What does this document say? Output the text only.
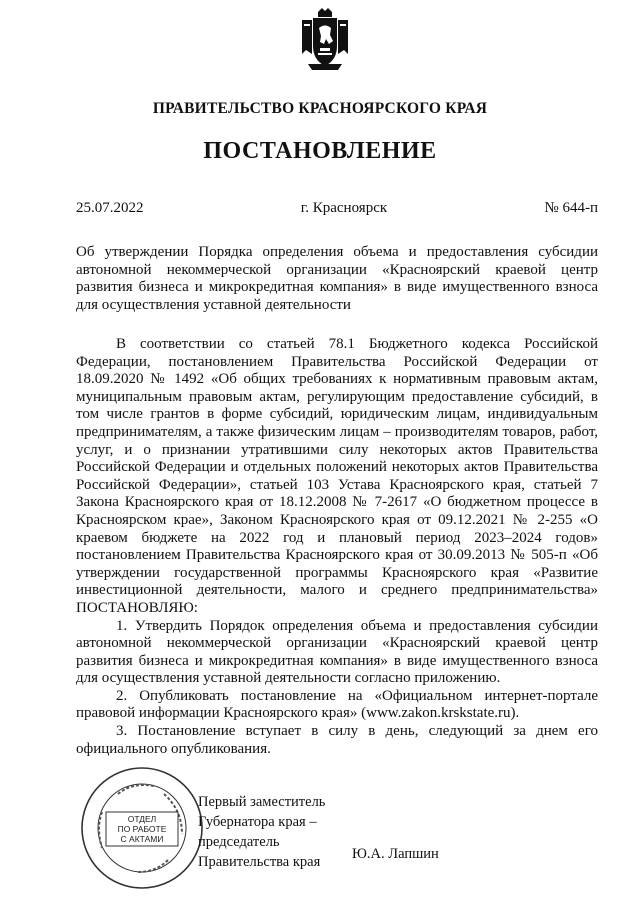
ПРАВИТЕЛЬСТВО КРАСНОЯРСКОГО КРАЯ
ПОСТАНОВЛЕНИЕ
25.07.2022	г. Красноярск	№ 644-п
Об утверждении Порядка определения объема и предоставления субсидии автономной некоммерческой организации «Красноярский краевой центр развития бизнеса и микрокредитная компания» в виде имущественного взноса для осуществления уставной деятельности

В соответствии со статьей 78.1 Бюджетного кодекса Российской Федерации, постановлением Правительства Российской Федерации от 18.09.2020 № 1492 «Об общих требованиях к нормативным правовым актам, муниципальным правовым актам, регулирующим предоставление субсидий, в том числе грантов в форме субсидий, юридическим лицам, индивидуальным предпринимателям, а также физическим лицам – производителям товаров, работ, услуг, и о признании утратившими силу некоторых актов Правительства Российской Федерации и отдельных положений некоторых актов Правительства Российской Федерации», статьей 103 Устава Красноярского края, статьей 7 Закона Красноярского края от 18.12.2008 № 7-2617 «О бюджетном процессе в Красноярском крае», Законом Красноярского края от 09.12.2021 № 2-255 «О краевом бюджете на 2022 год и плановый период 2023–2024 годов» постановлением Правительства Красноярского края от 30.09.2013 № 505-п «Об утверждении государственной программы Красноярского края «Развитие инвестиционной деятельности, малого и среднего предпринимательства» ПОСТАНОВЛЯЮ:

1. Утвердить Порядок определения объема и предоставления субсидии автономной некоммерческой организации «Красноярский краевой центр развития бизнеса и микрокредитная компания» в виде имущественного взноса для осуществления уставной деятельности согласно приложению.

2. Опубликовать постановление на «Официальном интернет-портале правовой информации Красноярского края» (www.zakon.krskstate.ru).

3. Постановление вступает в силу в день, следующий за днем его официального опубликования.

ОТДЕЛ
ПО РАБОТЕ
С АКТАМИ
Первый заместитель
Губернатора края –
председатель
Правительства края	Ю.А. Лапшин
